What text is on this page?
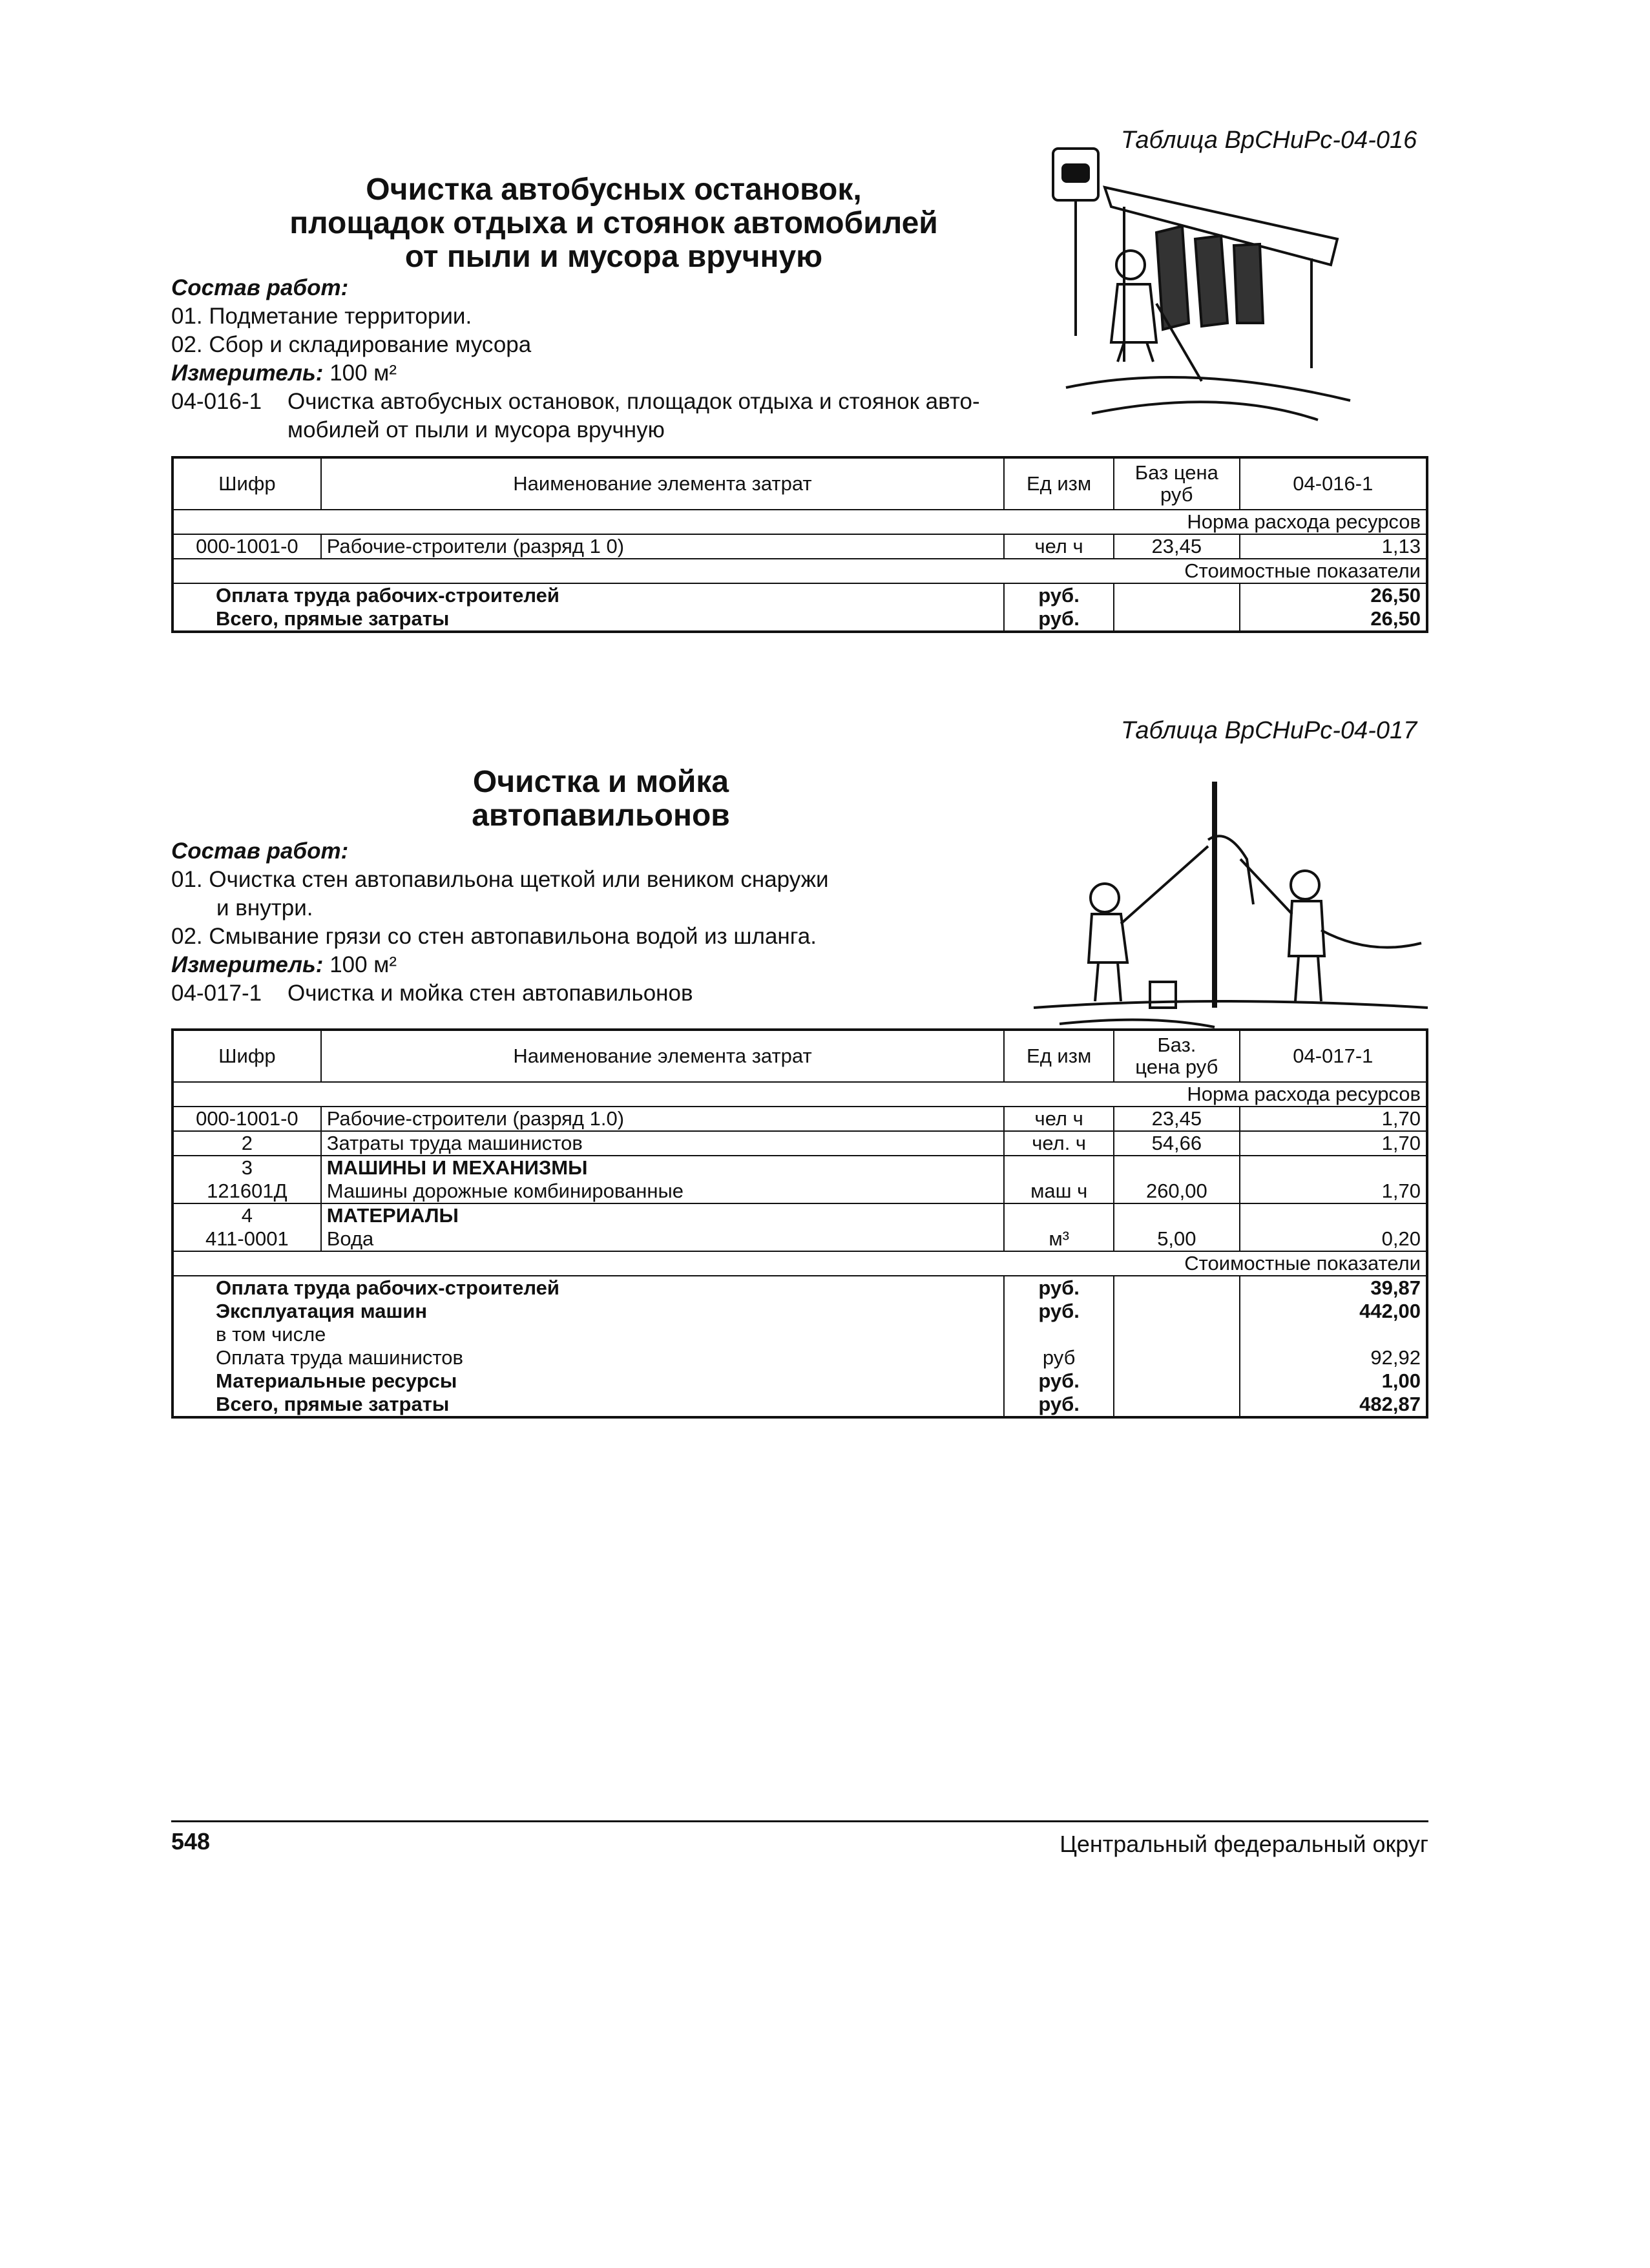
Таблица ВрСНиРс-04-016
Очистка автобусных остановок,
площадок отдыха и стоянок автомобилей
от пыли и мусора вручную
Состав работ:
01. Подметание территории.
02. Сбор и складирование мусора
Измеритель: 100 м²
04-016-1	Очистка автобусных остановок, площадок отдыха и стоянок авто-
мобилей от пыли и мусора вручную
Шифр	Наименование элемента затрат	Ед изм	Баз цена руб	04-016-1
Норма расхода ресурсов				
000-1001-0	Рабочие-строители (разряд 1 0)	чел ч	23,45	1,13
Стоимостные показатели				
Оплата труда рабочих-строителей		руб.		26,50
Всего, прямые затраты		руб.		26,50
Таблица ВрСНиРс-04-017
Очистка и мойка
автопавильонов
Состав работ:
01. Очистка стен автопавильона щеткой или веником снаружи
и внутри.
02. Смывание грязи со стен автопавильона водой из шланга.
Измеритель: 100 м²
04-017-1	Очистка и мойка стен автопавильонов
Шифр	Наименование элемента затрат	Ед изм	Баз. цена руб	04-017-1
Норма расхода ресурсов				
000-1001-0	Рабочие-строители (разряд 1.0)	чел ч	23,45	1,70
2	Затраты труда машинистов	чел. ч	54,66	1,70
3	МАШИНЫ И МЕХАНИЗМЫ			
121601Д	Машины дорожные комбинированные	маш ч	260,00	1,70
4	МАТЕРИАЛЫ			
411-0001	Вода	м³	5,00	0,20
Стоимостные показатели				
Оплата труда рабочих-строителей		руб.		39,87
Эксплуатация машин		руб.		442,00
в том числе				
Оплата труда машинистов		руб		92,92
Материальные ресурсы		руб.		1,00
Всего, прямые затраты		руб.		482,87
548	Центральный федеральный округ
